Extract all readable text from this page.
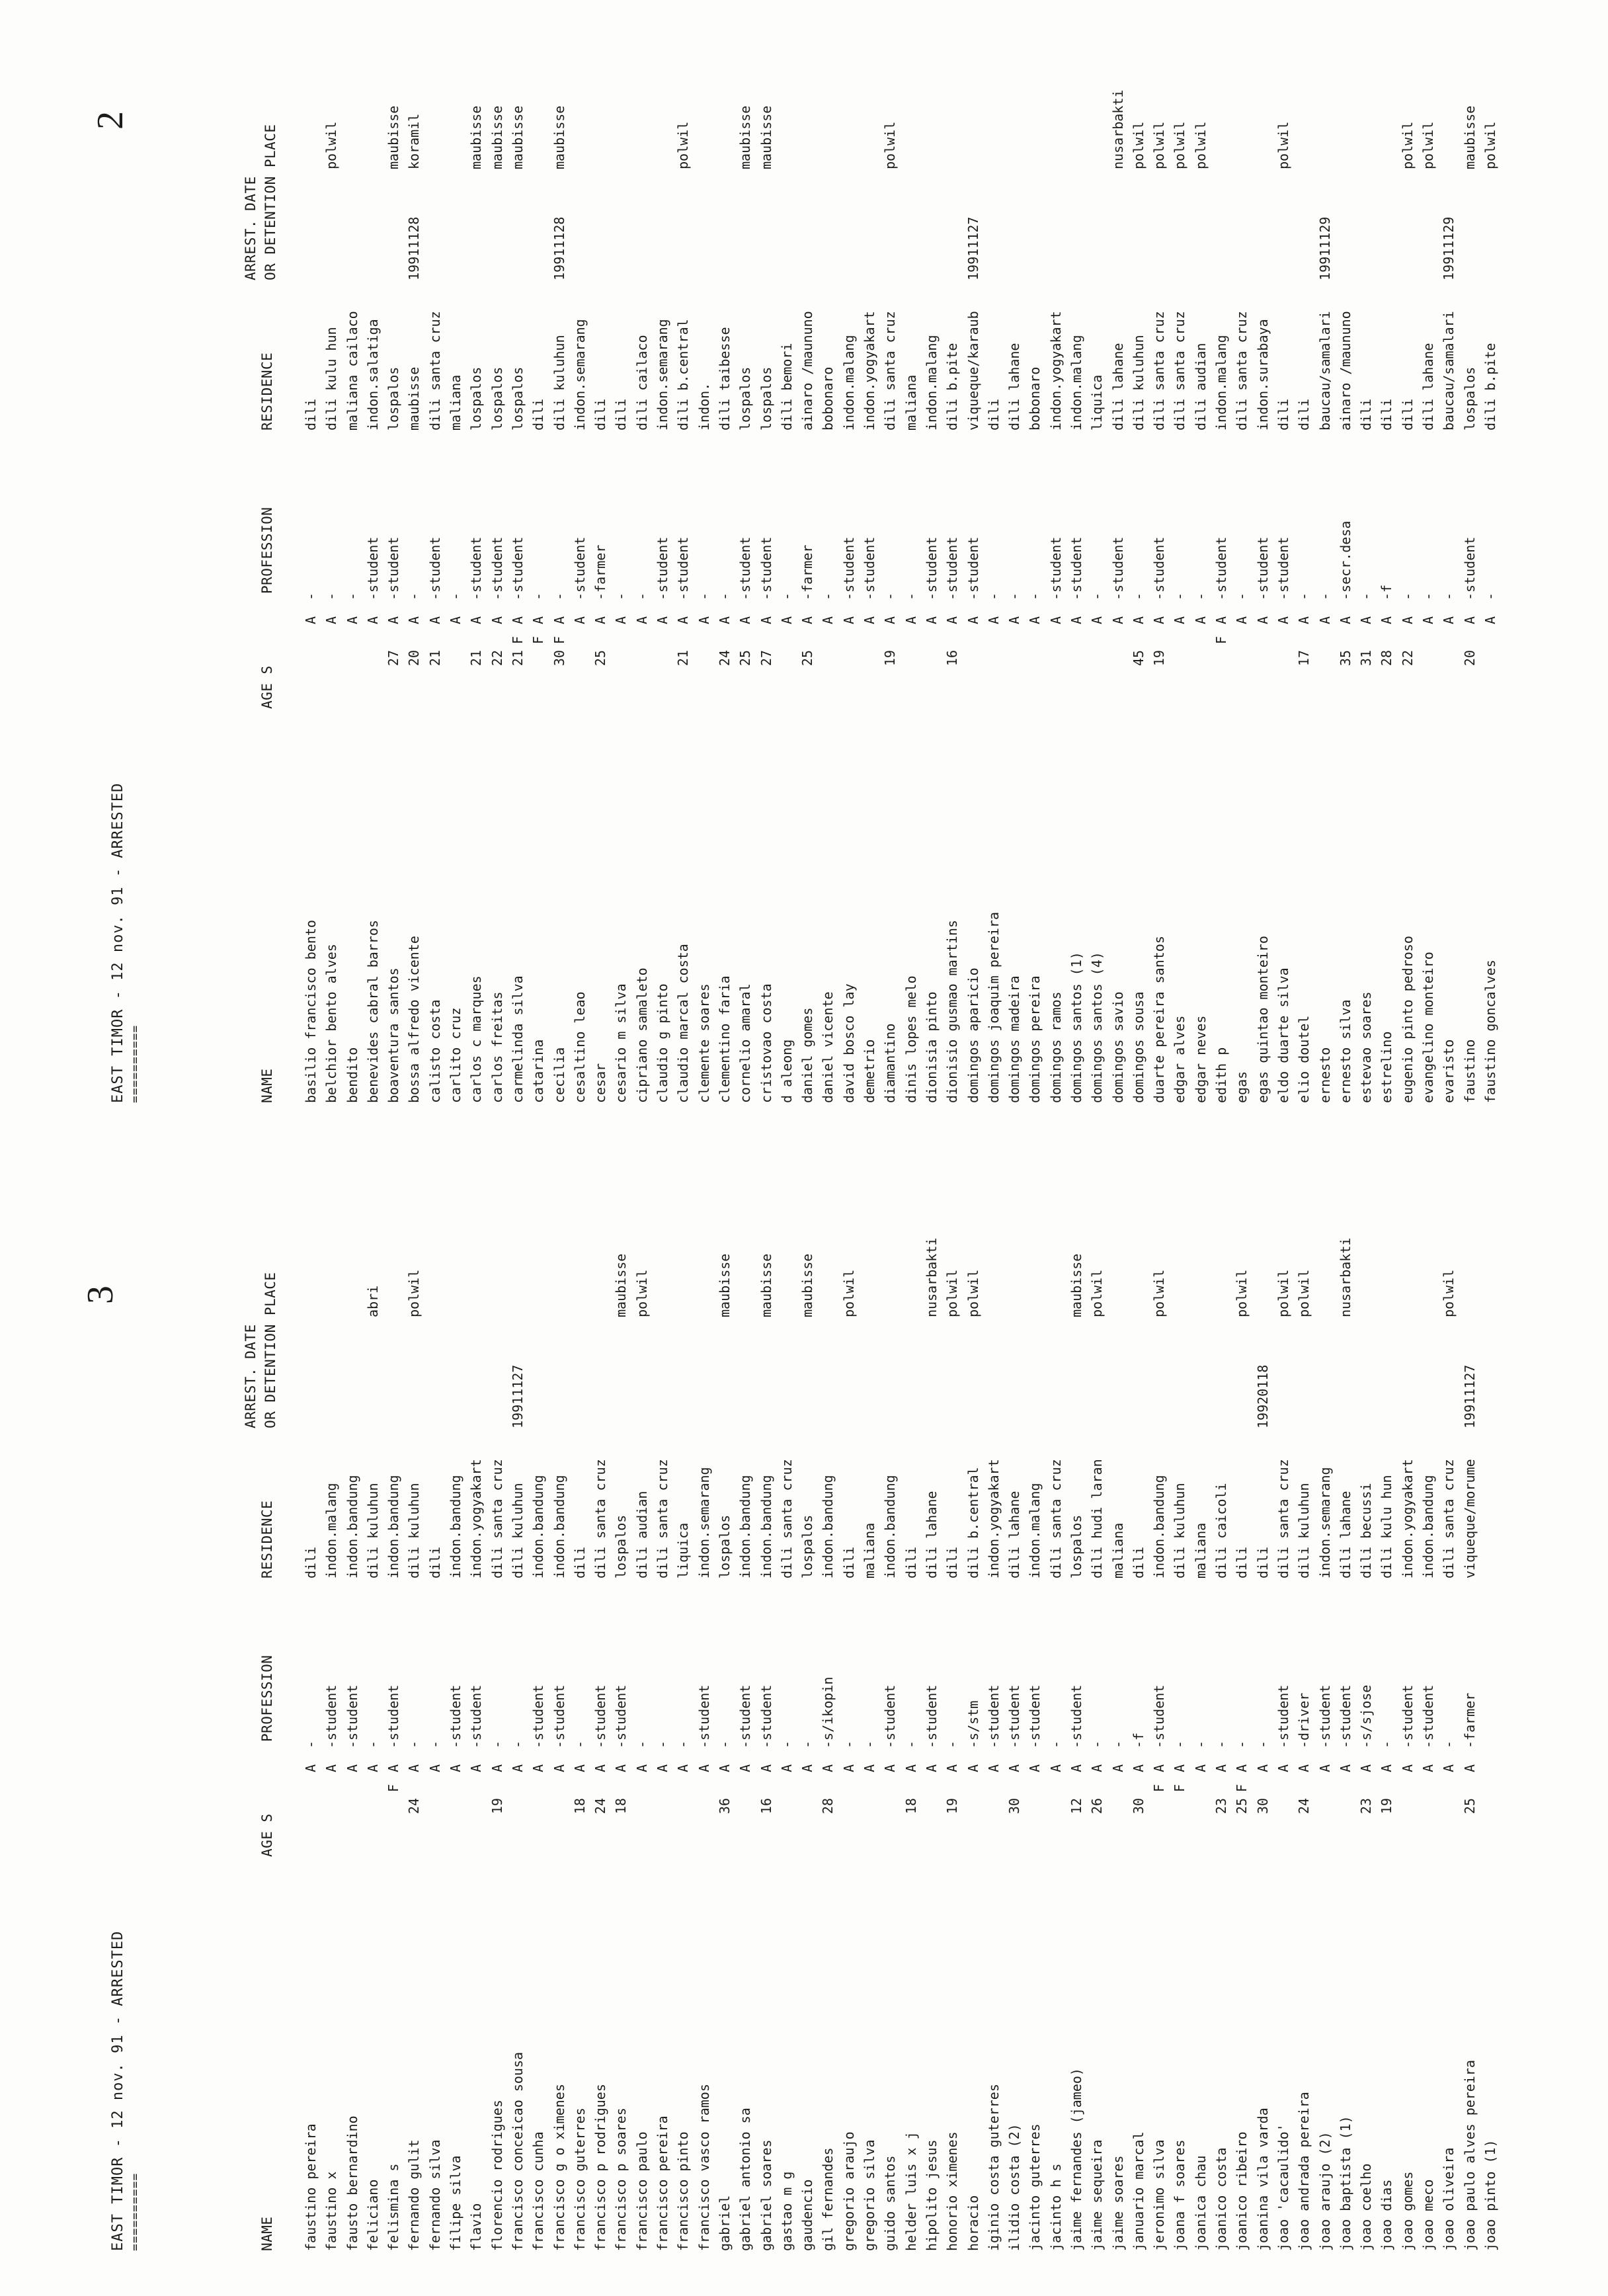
EAST TIMOR - 12 nov. 91 - ARRESTED ==========
3
NAME
AGE S
PROFESSION
RESIDENCE
ARREST. DATE OR DETENTION PLACE
faustino pereira
A
-
dili
faustino x
A
-student
indon.malang
fausto bernardino
A
-student
indon.bandung
feliciano
A
-
dili kuluhun
abri
felismina s
F
A
-student
indon.bandung
fernando gulit
24
A
-
dili kuluhun
polwil
fernando silva
A
-
dili
filipe silva
A
-student
indon.bandung
flavio
A
-student
indon.yogyakart
florencio rodrigues
19
A
-
dili santa cruz
francisco conceicao sousa
A
-
dili kuluhun
19911127
francisco cunha
A
-student
indon.bandung
francisco g o ximenes
A
-student
indon.bandung
francisco guterres
18
A
-
dili
francisco p rodrigues
24
A
-student
dili santa cruz
francisco p soares
18
A
-student
lospalos
maubisse
francisco paulo
A
-
dili audian
polwil
francisco pereira
A
-
dili santa cruz
francisco pinto
A
-
liquica
francisco vasco ramos
A
-student
indon.semarang
gabriel
36
A
-
lospalos
maubisse
gabriel antonio sa
A
-student
indon.bandung
gabriel soares
16
A
-student
indon.bandung
maubisse
gastao m g
A
-
dili santa cruz
gaudencio
A
-
lospalos
maubisse
gil fernandes
28
A
-s/ikopin
indon.bandung
gregorio araujo
A
-
dili
polwil
gregorio silva
A
-
maliana
guido santos
A
-student
indon.bandung
helder luis x j
18
A
-
dili
hipolito jesus
A
-student
dili lahane
nusarbakti
honorio ximenes
19
A
-
dili
polwil
horacio
A
-s/stm
dili b.central
polwil
iginio costa guterres
A
-student
indon.yogyakart
ilidio costa (2)
30
A
-student
dili lahane
jacinto guterres
A
-student
indon.malang
jacinto h s
A
-
dili santa cruz
jaime fernandes (jameo)
12
A
-student
lospalos
maubisse
jaime sequeira
26
A
-
dili hudi laran
polwil
jaime soares
A
-
maliana
januario marcal
30
A
-f
dili
jeronimo silva
F
A
-student
indon.bandung
polwil
joana f soares
F
A
-
dili kuluhun
joanica chau
A
-
maliana
joanico costa
23
A
-
dili caicoli
joanico ribeiro
25
F
A
-
dili
polwil
joanina vila varda
30
A
-
dili
19920118
joao 'cacaulido'
A
-student
dili santa cruz
polwil
joao andrada pereira
24
A
-driver
dili kuluhun
polwil
joao araujo (2)
A
-student
indon.semarang
joao baptista (1)
A
-student
dili lahane
nusarbakti
joao coelho
23
A
-s/sjose
dili becussi
joao dias
19
A
-
dili kulu hun
joao gomes
A
-student
indon.yogyakart
joao meco
A
-student
indon.bandung
joao oliveira
A
-
dili santa cruz
polwil
joao paulo alves pereira
25
A
-farmer
viqueque/morume
19911127
joao pinto (1)
EAST TIMOR - 12 nov. 91 - ARRESTED ==========
2
NAME
AGE S
PROFESSION
RESIDENCE
ARREST. DATE OR DETENTION PLACE
basilio francisco bento
A
-
dili
belchior bento alves
A
-
dili kulu hun
polwil
bendito
A
-
maliana cailaco
benevides cabral barros
A
-student
indon.salatiga
boaventura santos
27
A
-student
lospalos
maubisse
bossa alfredo vicente
20
A
-
maubisse
19911128
koramil
calisto costa
21
A
-student
dili santa cruz
carlito cruz
A
-
maliana
carlos c marques
21
A
-student
lospalos
maubisse
carlos freitas
22
A
-student
lospalos
maubisse
carmelinda silva
21
F
A
-student
lospalos
maubisse
catarina
F
A
-
dili
cecilia
30
F
A
-
dili kuluhun
19911128
maubisse
cesaltino leao
A
-student
indon.semarang
cesar
25
A
-farmer
dili
cesario m silva
A
-
dili
cipriano samaleto
A
-
dili cailaco
claudio g pinto
A
-student
indon.semarang
claudio marcal costa
21
A
-student
dili b.central
polwil
clemente soares
A
-
indon.
clementino faria
24
A
-
dili taibesse
cornelio amaral
25
A
-student
lospalos
maubisse
cristovao costa
27
A
-student
lospalos
maubisse
d aleong
A
-
dili bemori
daniel gomes
25
A
-farmer
ainaro /maununo
daniel vicente
A
-
bobonaro
david bosco lay
A
-student
indon.malang
demetrio
A
-student
indon.yogyakart
diamantino
19
A
-
dili santa cruz
polwil
dinis lopes melo
A
-
maliana
dionisia pinto
A
-student
indon.malang
dionisio gusmao martins
16
A
-student
dili b.pite
domingos aparicio
A
-student
viqueque/karaub
19911127
domingos joaquim pereira
A
-
dili
domingos madeira
A
-
dili lahane
domingos pereira
A
-
bobonaro
domingos ramos
A
-student
indon.yogyakart
domingos santos (1)
A
-student
indon.malang
domingos santos (4)
A
-
liquica
domingos savio
A
-student
dili lahane
nusarbakti
domingos sousa
45
A
-
dili kuluhun
polwil
duarte pereira santos
19
A
-student
dili santa cruz
polwil
edgar alves
A
-
dili santa cruz
polwil
edgar neves
A
-
dili audian
polwil
edith p
F
A
-student
indon.malang
egas
A
-
dili santa cruz
egas quintao monteiro
A
-student
indon.surabaya
eldo duarte silva
A
-student
dili
polwil
elio doutel
17
A
-
dili
ernesto
A
-
baucau/samalari
19911129
ernesto silva
35
A
-secr.desa
ainaro /maununo
estevao soares
31
A
-
dili
estrelino
28
A
-f
dili
eugenio pinto pedroso
22
A
-
dili
polwil
evangelino monteiro
A
-
dili lahane
polwil
evaristo
A
-
baucau/samalari
19911129
faustino
20
A
-student
lospalos
maubisse
faustino goncalves
A
-
dili b.pite
polwil
